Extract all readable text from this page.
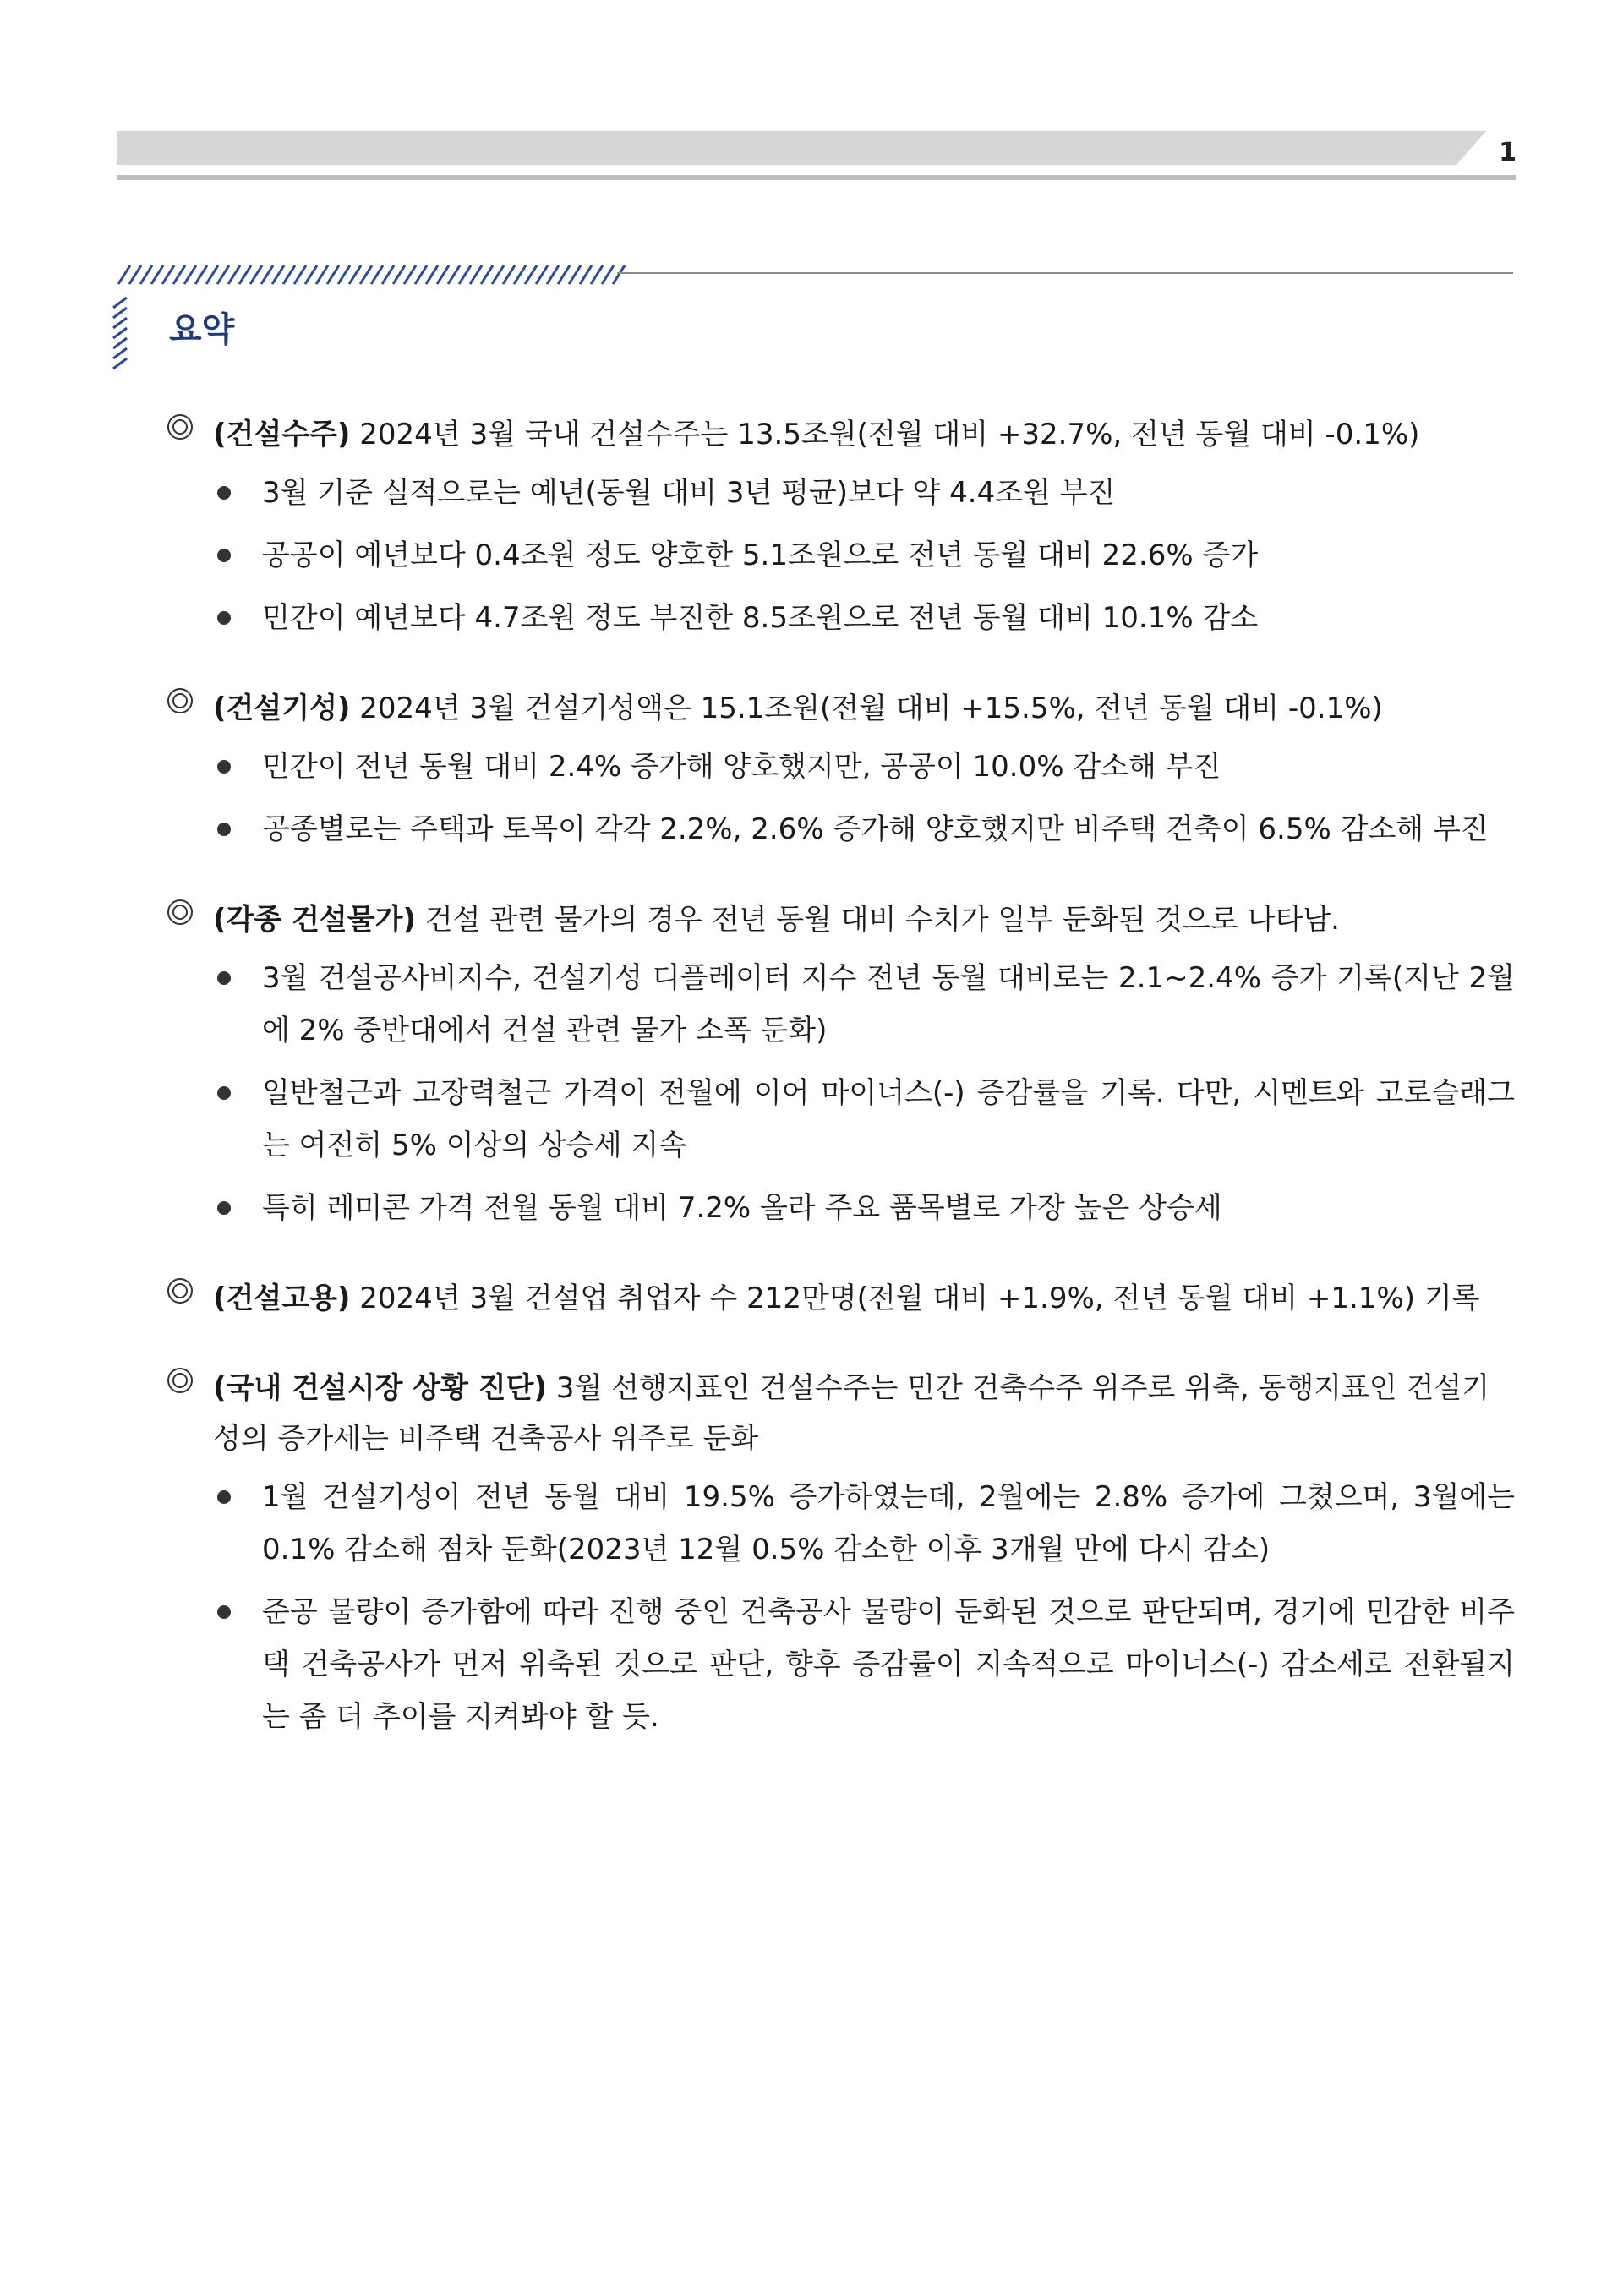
1
요약
(건설수주) 2024년 3월 국내 건설수주는 13.5조원(전월 대비 +32.7%, 전년 동월 대비 -0.1%)
3월 기준 실적으로는 예년(동월 대비 3년 평균)보다 약 4.4조원 부진
공공이 예년보다 0.4조원 정도 양호한 5.1조원으로 전년 동월 대비 22.6% 증가
민간이 예년보다 4.7조원 정도 부진한 8.5조원으로 전년 동월 대비 10.1% 감소
(건설기성) 2024년 3월 건설기성액은 15.1조원(전월 대비 +15.5%, 전년 동월 대비 -0.1%)
민간이 전년 동월 대비 2.4% 증가해 양호했지만, 공공이 10.0% 감소해 부진
공종별로는 주택과 토목이 각각 2.2%, 2.6% 증가해 양호했지만 비주택 건축이 6.5% 감소해 부진
(각종 건설물가) 건설 관련 물가의 경우 전년 동월 대비 수치가 일부 둔화된 것으로 나타남.
3월 건설공사비지수, 건설기성 디플레이터 지수 전년 동월 대비로는 2.1~2.4% 증가 기록(지난 2월에 2% 중반대에서 건설 관련 물가 소폭 둔화)
일반철근과 고장력철근 가격이 전월에 이어 마이너스(-) 증감률을 기록. 다만, 시멘트와 고로슬래그는 여전히 5% 이상의 상승세 지속
특히 레미콘 가격 전월 동월 대비 7.2% 올라 주요 품목별로 가장 높은 상승세
(건설고용) 2024년 3월 건설업 취업자 수 212만명(전월 대비 +1.9%, 전년 동월 대비 +1.1%) 기록
(국내 건설시장 상황 진단) 3월 선행지표인 건설수주는 민간 건축수주 위주로 위축, 동행지표인 건설기성의 증가세는 비주택 건축공사 위주로 둔화
1월 건설기성이 전년 동월 대비 19.5% 증가하였는데, 2월에는 2.8% 증가에 그쳤으며, 3월에는 0.1% 감소해 점차 둔화(2023년 12월 0.5% 감소한 이후 3개월 만에 다시 감소)
준공 물량이 증가함에 따라 진행 중인 건축공사 물량이 둔화된 것으로 판단되며, 경기에 민감한 비주택 건축공사가 먼저 위축된 것으로 판단, 향후 증감률이 지속적으로 마이너스(-) 감소세로 전환될지는 좀 더 추이를 지켜봐야 할 듯.
